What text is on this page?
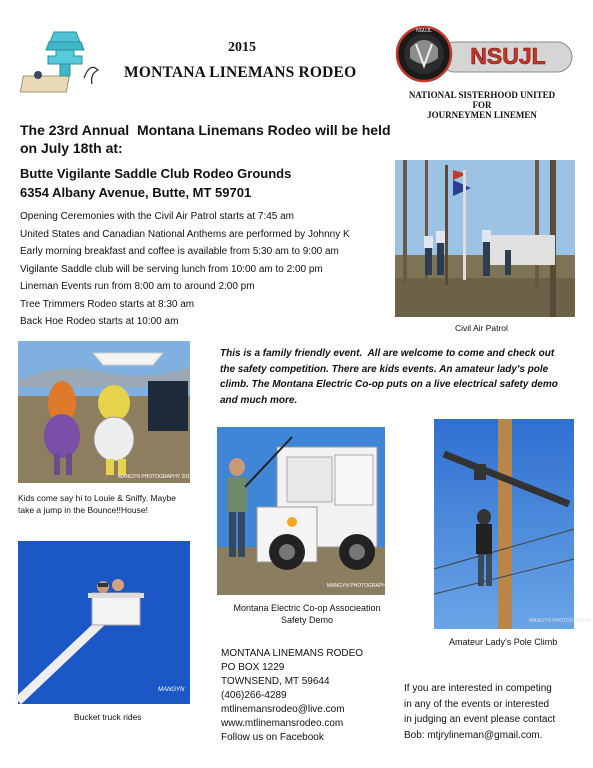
2015
MONTANA LINEMANS RODEO
NSUJL
NSUJL
NATIONAL SISTERHOOD UNITED
FOR
JOURNEYMEN LINEMEN
The 23rd Annual  Montana Linemans Rodeo will be held
on July 18th at:
Butte Vigilante Saddle Club Rodeo Grounds
6354 Albany Avenue, Butte, MT 59701

Opening Ceremonies with the Civil Air Patrol starts at 7:45 am

United States and Canadian National Anthems are performed by Johnny K

Early morning breakfast and coffee is available from 5:30 am to 9:00 am

Vigilante Saddle club will be serving lunch from 10:00 am to 2:00 pm

Lineman Events run from 8:00 am to around 2:00 pm

Tree Trimmers Rodeo starts at 8:30 am

Back Hoe Rodeo starts at 10:00 am

Civil Air Patrol
MANGYN PHOTOGRAPHY 2014
Kids come say hi to Louie & Sniffy. Maybe
take a jump in the Bounce!!House!
This is a family friendly event.  All are welcome to come and check out
the safety competition. There are kids events. An amateur lady's pole
climb. The Montana Electric Co-op puts on a live electrical safety demo
and much more.
MANGYN PHOTOGRAPHY 2014
Montana Electric Co-op Associeation
Safety Demo	MANGYN PHOTOGRAPHY
Amateur Lady's Pole Climb
MANGYN
Bucket truck rides

MONTANA LINEMANS RODEO

PO BOX 1229

TOWNSEND, MT 59644

(406)266-4289

mtlinemansrodeo@live.com

www.mtlinemansrodeo.com

Follow us on Facebook

If you are interested in competing
in any of the events or interested
in judging an event please contact
Bob: mtjrylineman@gmail.com.
